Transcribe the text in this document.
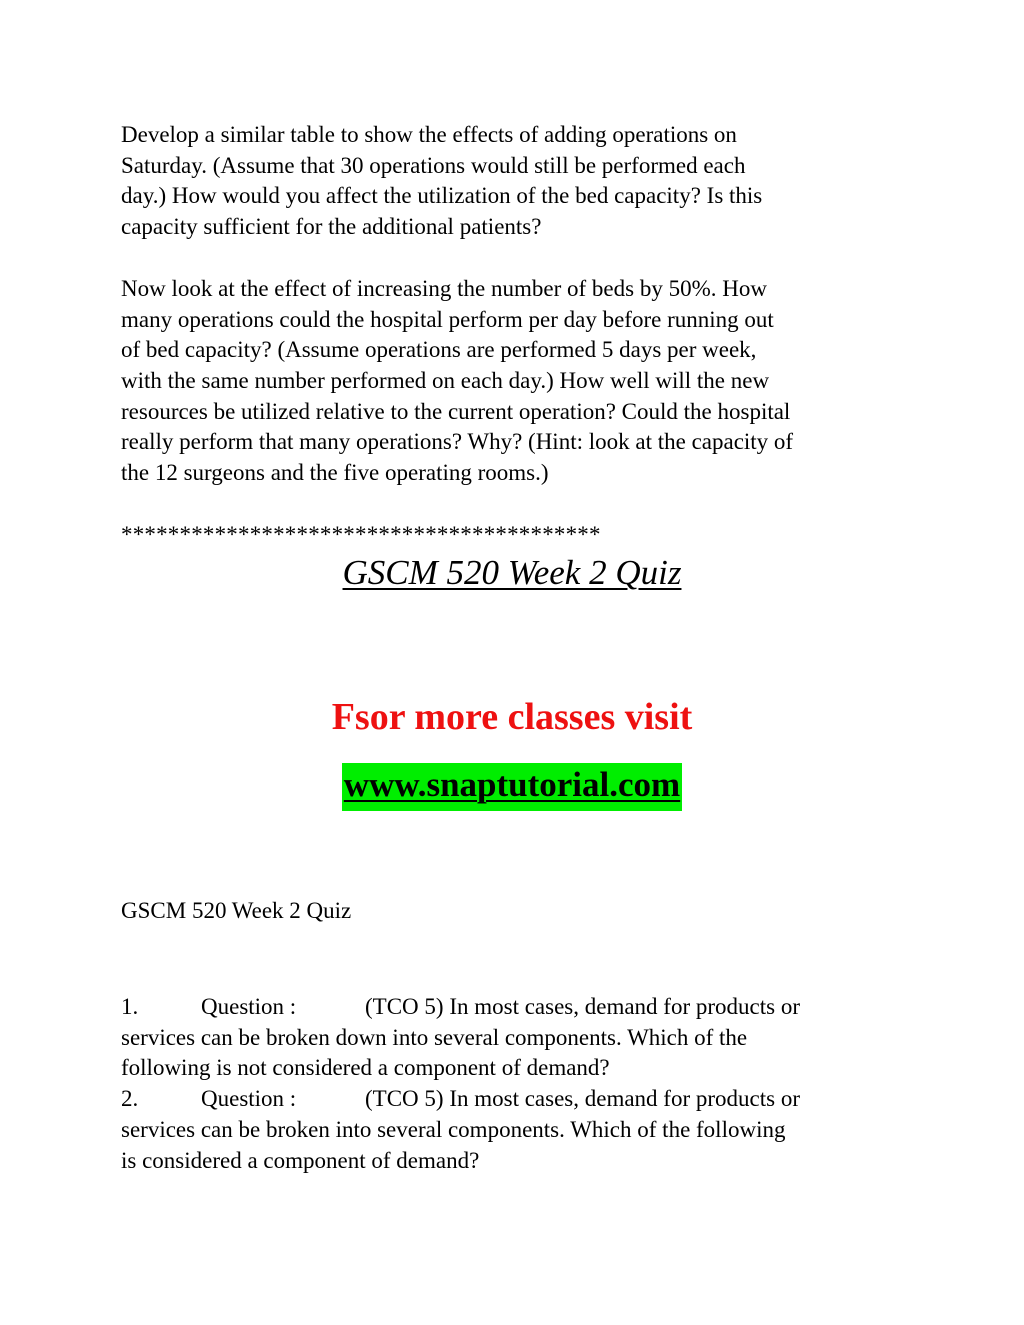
Develop a similar table to show the effects of adding operations on
Saturday. (Assume that 30 operations would still be performed each
day.) How would you affect the utilization of the bed capacity? Is this
capacity sufficient for the additional patients?

Now look at the effect of increasing the number of beds by 50%. How
many operations could the hospital perform per day before running out
of bed capacity? (Assume operations are performed 5 days per week,
with the same number performed on each day.) How well will the new
resources be utilized relative to the current operation? Could the hospital
really perform that many operations? Why? (Hint: look at the capacity of
the 12 surgeons and the five operating rooms.)

*****************************************
GSCM 520 Week 2 Quiz
Fsor more classes visit
www.snaptutorial.com
GSCM 520 Week 2 Quiz
1.	Question :	(TCO 5) In most cases, demand for products or

services can be broken down into several components. Which of the
following is not considered a component of demand?

2.	Question :	(TCO 5) In most cases, demand for products or

services can be broken into several components. Which of the following
is considered a component of demand?
